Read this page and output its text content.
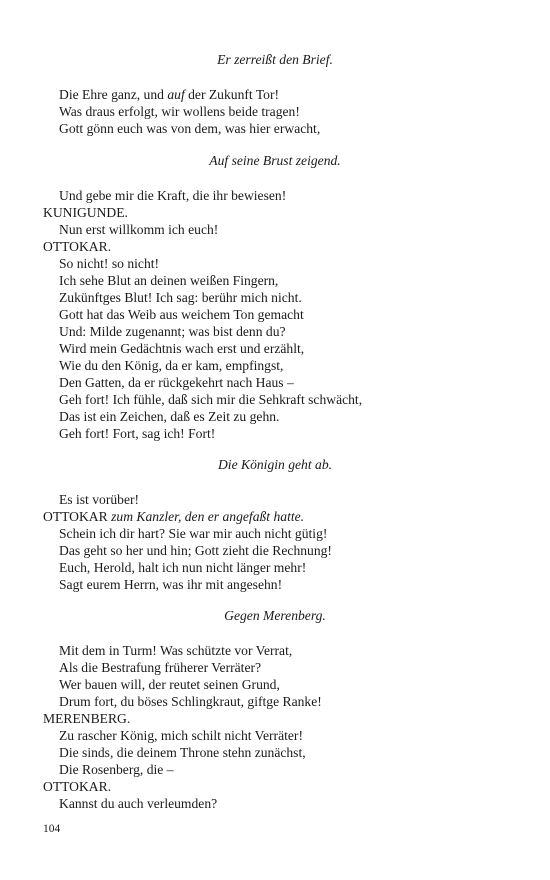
Er zerreißt den Brief.
Die Ehre ganz, und auf der Zukunft Tor!
Was draus erfolgt, wir wollens beide tragen!
Gott gönn euch was von dem, was hier erwacht,
Auf seine Brust zeigend.
Und gebe mir die Kraft, die ihr bewiesen!
KUNIGUNDE.
Nun erst willkomm ich euch!
OTTOKAR.
So nicht! so nicht!
Ich sehe Blut an deinen weißen Fingern,
Zukünftges Blut! Ich sag: berühr mich nicht.
Gott hat das Weib aus weichem Ton gemacht
Und: Milde zugenannt; was bist denn du?
Wird mein Gedächtnis wach erst und erzählt,
Wie du den König, da er kam, empfingst,
Den Gatten, da er rückgekehrt nach Haus –
Geh fort! Ich fühle, daß sich mir die Sehkraft schwächt,
Das ist ein Zeichen, daß es Zeit zu gehn.
Geh fort! Fort, sag ich! Fort!
Die Königin geht ab.
Es ist vorüber!
OTTOKAR zum Kanzler, den er angefaßt hatte.
Schein ich dir hart? Sie war mir auch nicht gütig!
Das geht so her und hin; Gott zieht die Rechnung!
Euch, Herold, halt ich nun nicht länger mehr!
Sagt eurem Herrn, was ihr mit angesehn!
Gegen Merenberg.
Mit dem in Turm! Was schützte vor Verrat,
Als die Bestrafung früherer Verräter?
Wer bauen will, der reutet seinen Grund,
Drum fort, du böses Schlingkraut, giftge Ranke!
MERENBERG.
Zu rascher König, mich schilt nicht Verräter!
Die sinds, die deinem Throne stehn zunächst,
Die Rosenberg, die –
OTTOKAR.
Kannst du auch verleumden?
104
